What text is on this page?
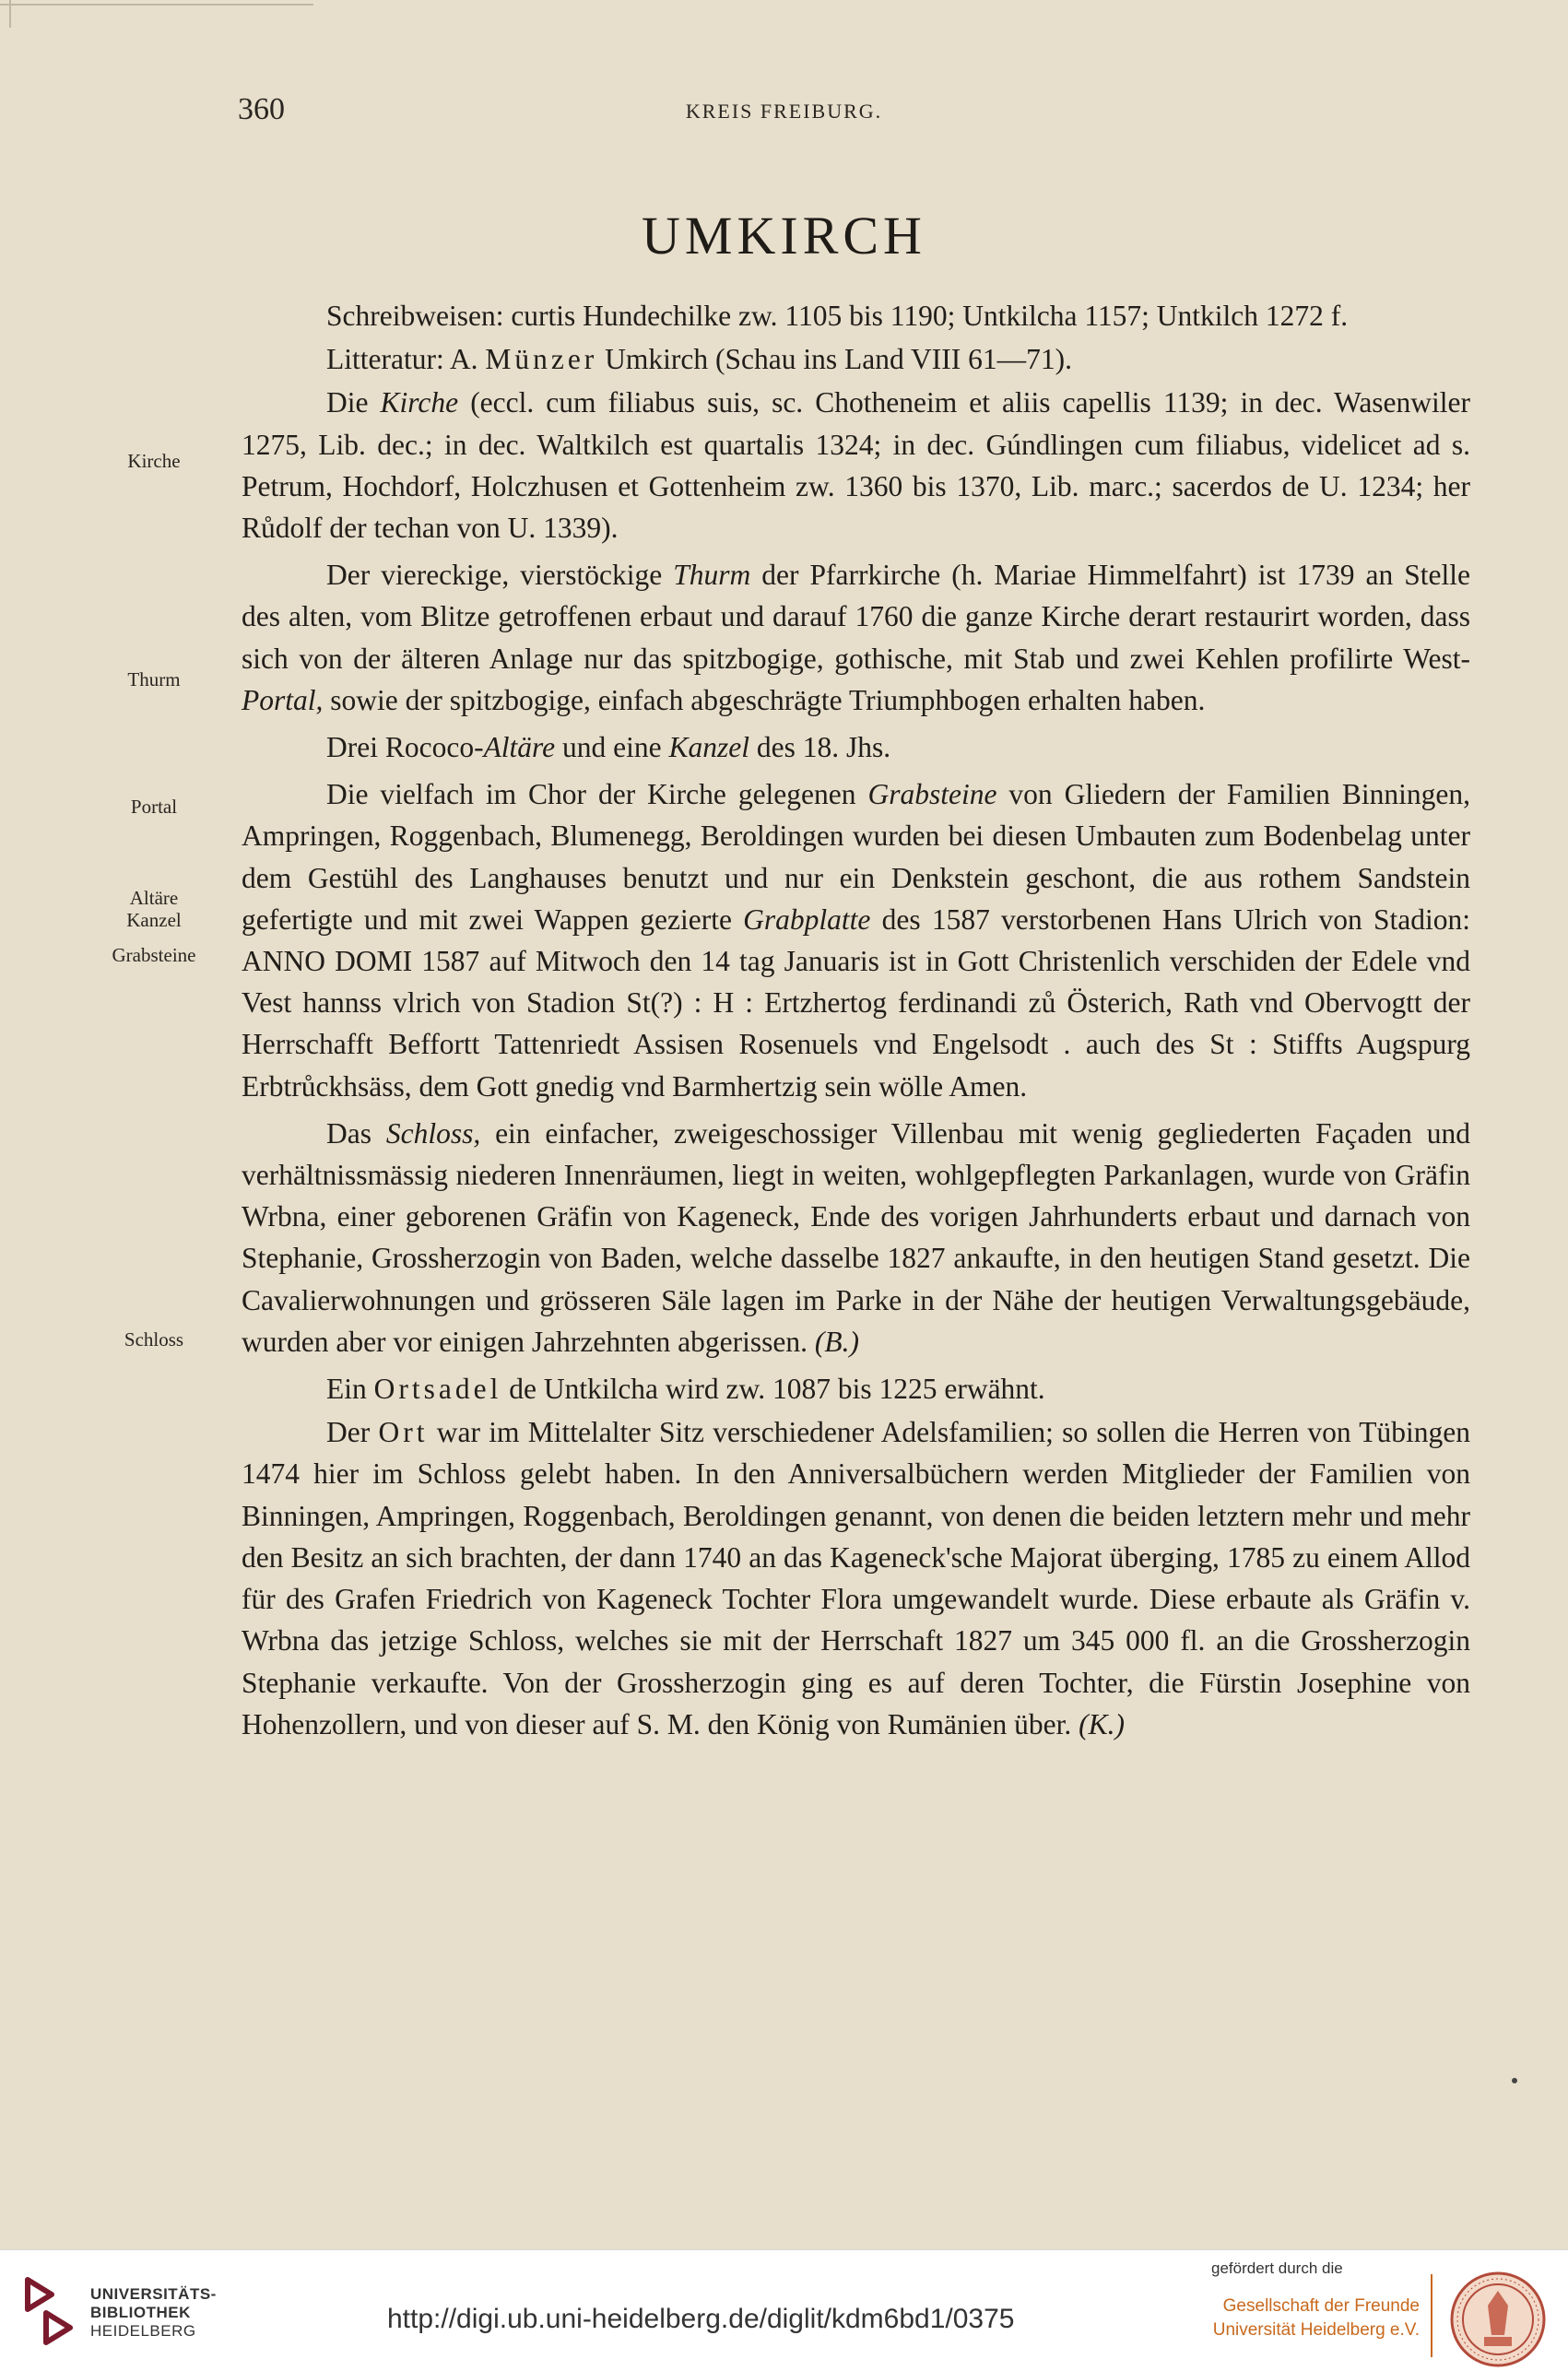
360	KREIS FREIBURG.
UMKIRCH
Kirche
Thurm
Portal
Altäre
Kanzel
Grabsteine
Schloss

Schreibweisen: curtis Hundechilke zw. 1105 bis 1190; Untkilcha 1157; Untkilch 1272 f.

Litteratur: A. Münzer Umkirch (Schau ins Land VIII 61—71).

Die Kirche (eccl. cum filiabus suis, sc. Chotheneim et aliis capellis 1139; in dec. Wasenwiler 1275, Lib. dec.; in dec. Waltkilch est quartalis 1324; in dec. Gúndlingen cum filiabus, videlicet ad s. Petrum, Hochdorf, Holczhusen et Gottenheim zw. 1360 bis 1370, Lib. marc.; sacerdos de U. 1234; her Růdolf der techan von U. 1339).

Der viereckige, vierstöckige Thurm der Pfarrkirche (h. Mariae Himmelfahrt) ist 1739 an Stelle des alten, vom Blitze getroffenen erbaut und darauf 1760 die ganze Kirche derart restaurirt worden, dass sich von der älteren Anlage nur das spitzbogige, gothische, mit Stab und zwei Kehlen profilirte West-Portal, sowie der spitzbogige, einfach abgeschrägte Triumphbogen erhalten haben.

Drei Rococo-Altäre und eine Kanzel des 18. Jhs.

Die vielfach im Chor der Kirche gelegenen Grabsteine von Gliedern der Familien Binningen, Ampringen, Roggenbach, Blumenegg, Beroldingen wurden bei diesen Umbauten zum Bodenbelag unter dem Gestühl des Langhauses benutzt und nur ein Denkstein geschont, die aus rothem Sandstein gefertigte und mit zwei Wappen gezierte Grabplatte des 1587 verstorbenen Hans Ulrich von Stadion: ANNO DOMI 1587 auf Mitwoch den 14 tag Januaris ist in Gott Christenlich verschiden der Edele vnd Vest hannss vlrich von Stadion St(?) : H : Ertzhertog ferdinandi zů Österich, Rath vnd Obervogtt der Herrschafft Beffortt Tattenriedt Assisen Rosenuels vnd Engelsodt . auch des St : Stiffts Augspurg Erbtrůckhsäss, dem Gott gnedig vnd Barmhertzig sein wölle Amen.

Das Schloss, ein einfacher, zweigeschossiger Villenbau mit wenig gegliederten Façaden und verhältnissmässig niederen Innenräumen, liegt in weiten, wohlgepflegten Parkanlagen, wurde von Gräfin Wrbna, einer geborenen Gräfin von Kageneck, Ende des vorigen Jahrhunderts erbaut und darnach von Stephanie, Grossherzogin von Baden, welche dasselbe 1827 ankaufte, in den heutigen Stand gesetzt. Die Cavalierwohnungen und grösseren Säle lagen im Parke in der Nähe der heutigen Verwaltungsgebäude, wurden aber vor einigen Jahrzehnten abgerissen. (B.)

Ein Ortsadel de Untkilcha wird zw. 1087 bis 1225 erwähnt.

Der Ort war im Mittelalter Sitz verschiedener Adelsfamilien; so sollen die Herren von Tübingen 1474 hier im Schloss gelebt haben. In den Anniversalbüchern werden Mitglieder der Familien von Binningen, Ampringen, Roggenbach, Beroldingen genannt, von denen die beiden letztern mehr und mehr den Besitz an sich brachten, der dann 1740 an das Kageneck'sche Majorat überging, 1785 zu einem Allod für des Grafen Friedrich von Kageneck Tochter Flora umgewandelt wurde. Diese erbaute als Gräfin v. Wrbna das jetzige Schloss, welches sie mit der Herrschaft 1827 um 345 000 fl. an die Grossherzogin Stephanie verkaufte. Von der Grossherzogin ging es auf deren Tochter, die Fürstin Josephine von Hohenzollern, und von dieser auf S. M. den König von Rumänien über. (K.)

UNIVERSITÄTS-
BIBLIOTHEK
HEIDELBERG	http://digi.ub.uni-heidelberg.de/diglit/kdm6bd1/0375
gefördert durch die
Gesellschaft der Freunde
Universität Heidelberg e.V.
